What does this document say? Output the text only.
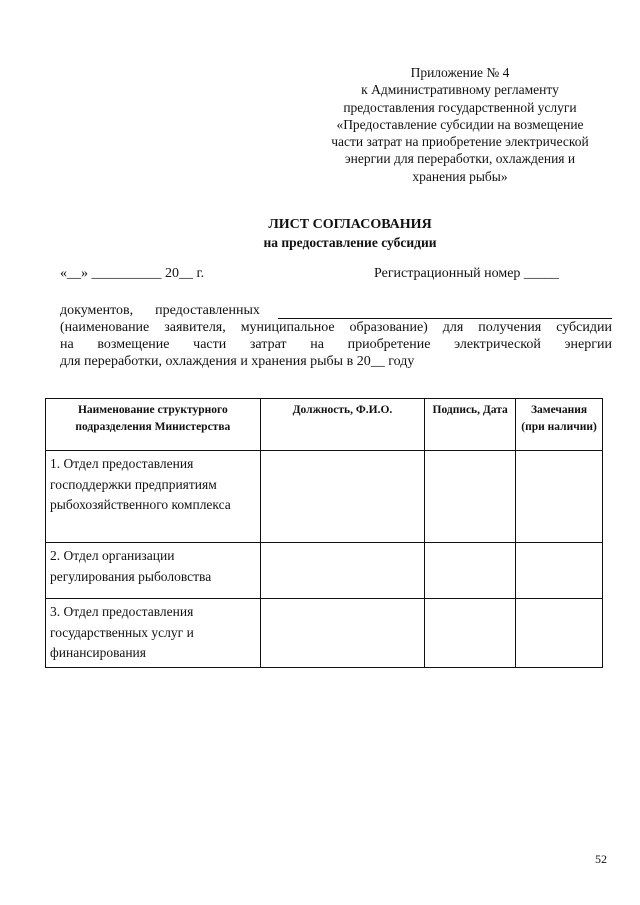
Приложение № 4
к Административному регламенту
предоставления государственной услуги
«Предоставление субсидии на возмещение
части затрат на приобретение электрической
энергии для переработки, охлаждения и
хранения рыбы»
ЛИСТ СОГЛАСОВАНИЯ
на предоставление субсидии
«__» __________ 20__ г.	Регистрационный номер _____
документов, предоставленных
(наименование заявителя, муниципальное образование) для получения субсидии
на возмещение части затрат на приобретение электрической энергии
для переработки, охлаждения и хранения рыбы в 20__ году
Наименование структурного подразделения Министерства	Должность, Ф.И.О.	Подпись, Дата	Замечания (при наличии)
1. Отдел предоставления господдержки предприятиям рыбохозяйственного комплекса			
2. Отдел организации регулирования рыболовства			
3. Отдел предоставления государственных услуг и финансирования			
52
